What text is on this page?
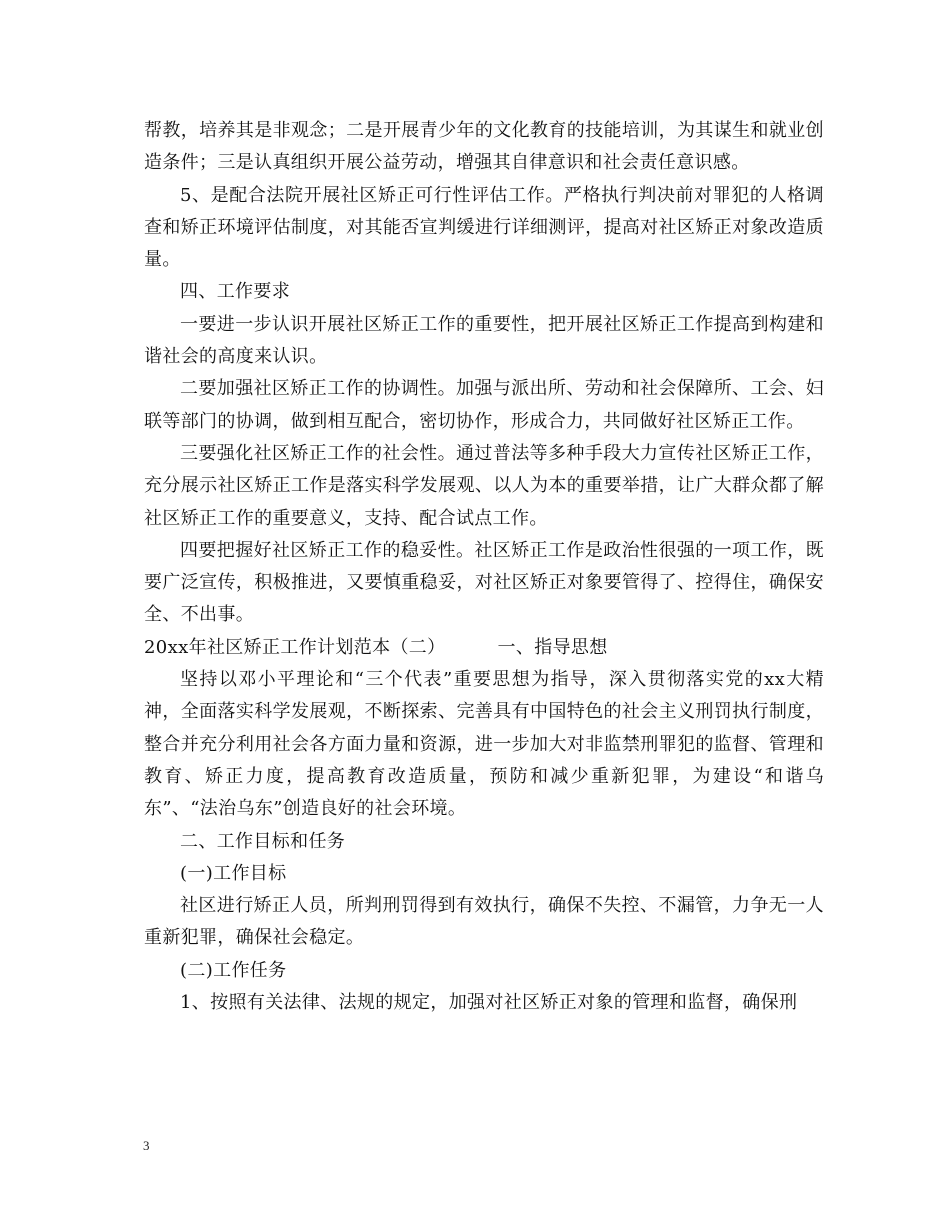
帮教，培养其是非观念；二是开展青少年的文化教育的技能培训，为其谋生和就业创造条件；三是认真组织开展公益劳动，增强其自律意识和社会责任意识感。

5、是配合法院开展社区矫正可行性评估工作。严格执行判决前对罪犯的人格调查和矫正环境评估制度，对其能否宣判缓进行详细测评，提高对社区矫正对象改造质量。

四、工作要求

一要进一步认识开展社区矫正工作的重要性，把开展社区矫正工作提高到构建和谐社会的高度来认识。

二要加强社区矫正工作的协调性。加强与派出所、劳动和社会保障所、工会、妇联等部门的协调，做到相互配合，密切协作，形成合力，共同做好社区矫正工作。

三要强化社区矫正工作的社会性。通过普法等多种手段大力宣传社区矫正工作，充分展示社区矫正工作是落实科学发展观、以人为本的重要举措，让广大群众都了解社区矫正工作的重要意义，支持、配合试点工作。

四要把握好社区矫正工作的稳妥性。社区矫正工作是政治性很强的一项工作，既要广泛宣传，积极推进，又要慎重稳妥，对社区矫正对象要管得了、控得住，确保安全、不出事。

20xx年社区矫正工作计划范本（二）	一、指导思想

坚持以邓小平理论和“三个代表”重要思想为指导，深入贯彻落实党的xx大精神，全面落实科学发展观，不断探索、完善具有中国特色的社会主义刑罚执行制度，整合并充分利用社会各方面力量和资源，进一步加大对非监禁刑罪犯的监督、管理和教育、矫正力度，提高教育改造质量，预防和减少重新犯罪，为建设“和谐乌东”、“法治乌东”创造良好的社会环境。

二、工作目标和任务

(一)工作目标

社区进行矫正人员，所判刑罚得到有效执行，确保不失控、不漏管，力争无一人重新犯罪，确保社会稳定。

(二)工作任务

1、按照有关法律、法规的规定，加强对社区矫正对象的管理和监督，确保刑

3
